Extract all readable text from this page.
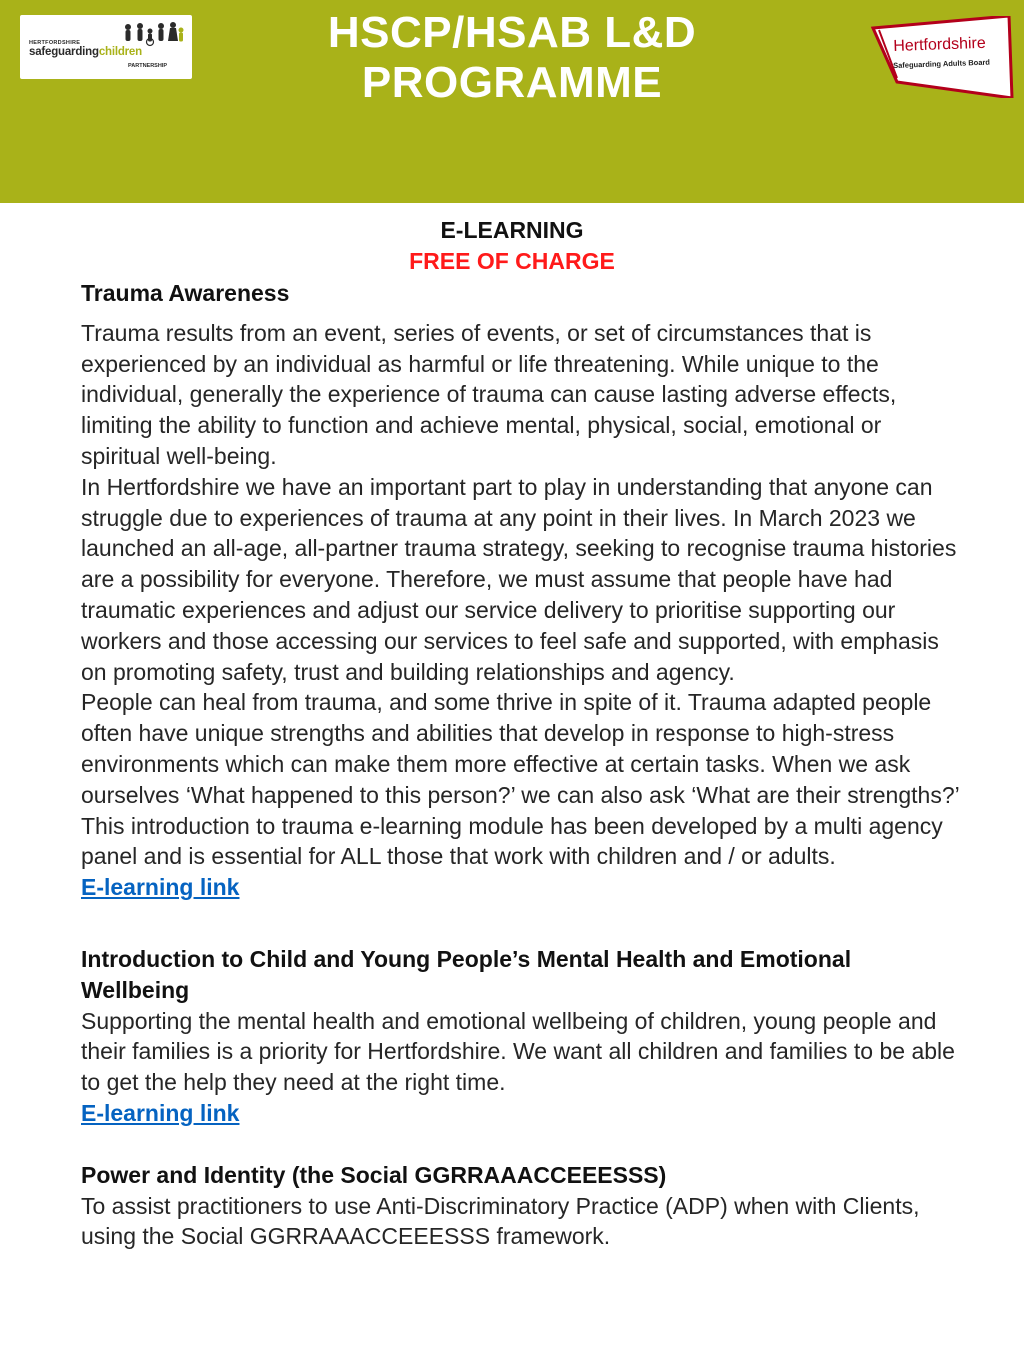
HERTFORDSHIRE
safeguardingchildren
PARTNERSHIP
HSCP/HSAB L&D
PROGRAMME
Hertfordshire
Safeguarding Adults Board
E-LEARNING
FREE OF CHARGE
Trauma Awareness
Trauma results from an event, series of events, or set of circumstances that is experienced by an individual as harmful or life threatening. While unique to the individual, generally the experience of trauma can cause lasting adverse effects, limiting the ability to function and achieve mental, physical, social, emotional or spiritual well-being.
In Hertfordshire we have an important part to play in understanding that anyone can struggle due to experiences of trauma at any point in their lives. In March 2023 we launched an all-age, all-partner trauma strategy, seeking to recognise trauma histories are a possibility for everyone. Therefore, we must assume that people have had traumatic experiences and adjust our service delivery to prioritise supporting our workers and those accessing our services to feel safe and supported, with emphasis on promoting safety, trust and building relationships and agency.
People can heal from trauma, and some thrive in spite of it. Trauma adapted people often have unique strengths and abilities that develop in response to high-stress environments which can make them more effective at certain tasks. When we ask ourselves ‘What happened to this person?’ we can also ask ‘What are their strengths?’ This introduction to trauma e-learning module has been developed by a multi agency panel and is essential for ALL those that work with children and / or adults.
E-learning link
Introduction to Child and Young People’s Mental Health and Emotional Wellbeing
Supporting the mental health and emotional wellbeing of children, young people and their families is a priority for Hertfordshire. We want all children and families to be able to get the help they need at the right time.
E-learning link
Power and Identity (the Social GGRRAAACCEEESSS)
To assist practitioners to use Anti-Discriminatory Practice (ADP) when with Clients, using the Social GGRRAAACCEEESSS framework.
